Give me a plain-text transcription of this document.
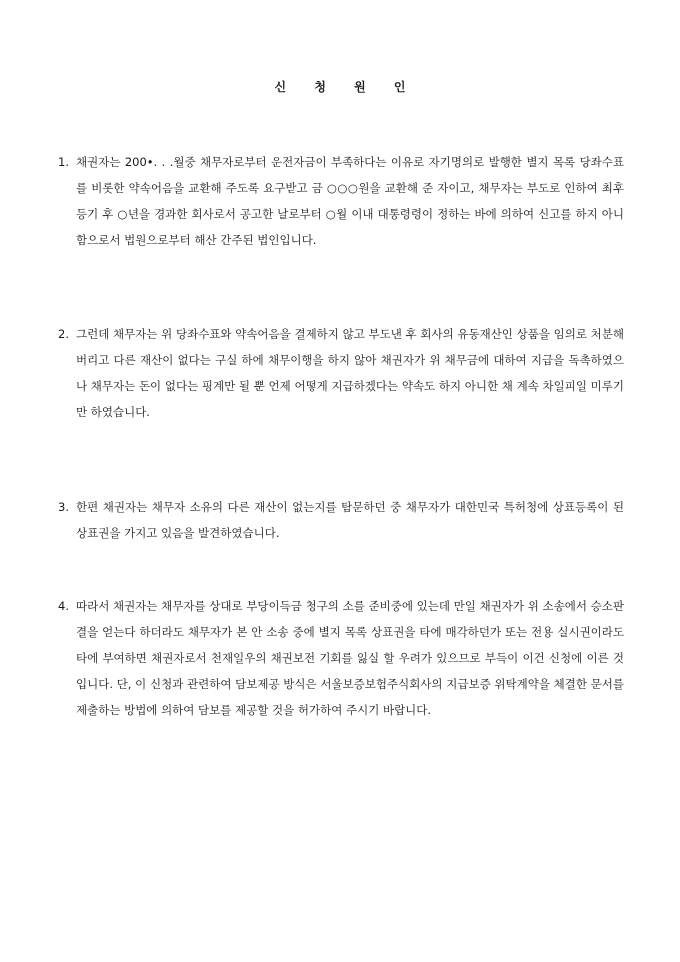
신 청 원 인
1. 채권자는 200•. . .월중 채무자로부터 운전자금이 부족하다는 이유로 자기명의로 발행한 별지 목록 당좌수표를 비롯한 약속어음을 교환해 주도록 요구받고 금 ○○○원을 교환해 준 자이고, 채무자는 부도로 인하여 최후 등기 후 ○년을 경과한 회사로서 공고한 날로부터 ○월 이내 대통령령이 정하는 바에 의하여 신고를 하지 아니함으로서 법원으로부터 해산 간주된 법인입니다.
2. 그런데 채무자는 위 당좌수표와 약속어음을 결제하지 않고 부도낸 후 회사의 유동재산인 상품을 임의로 처분해 버리고 다른 재산이 없다는 구실 하에 채무이행을 하지 않아 채권자가 위 채무금에 대하여 지급을 독촉하였으나 채무자는 돈이 없다는 핑계만 될 뿐 언제 어떻게 지급하겠다는 약속도 하지 아니한 채 계속 차일피일 미루기만 하였습니다.
3. 한편 채권자는 채무자 소유의 다른 재산이 없는지를 탐문하던 중 채무자가 대한민국 특허청에 상표등록이 된 상표권을 가지고 있음을 발견하였습니다.
4. 따라서 채권자는 채무자를 상대로 부당이득금 청구의 소를 준비중에 있는데 만일 채권자가 위 소송에서 승소판결을 얻는다 하더라도 채무자가 본 안 소송 중에 별지 목록 상표권을 타에 매각하던가 또는 전용 실시권이라도 타에 부여하면 채권자로서 천재일우의 채권보전 기회를 잃실 할 우려가 있으므로 부득이 이건 신청에 이른 것입니다. 단, 이 신청과 관련하여 담보제공 방식은 서울보증보험주식회사의 지급보증 위탁계약을 체결한 문서를 제출하는 방법에 의하여 담보를 제공할 것을 허가하여 주시기 바랍니다.
